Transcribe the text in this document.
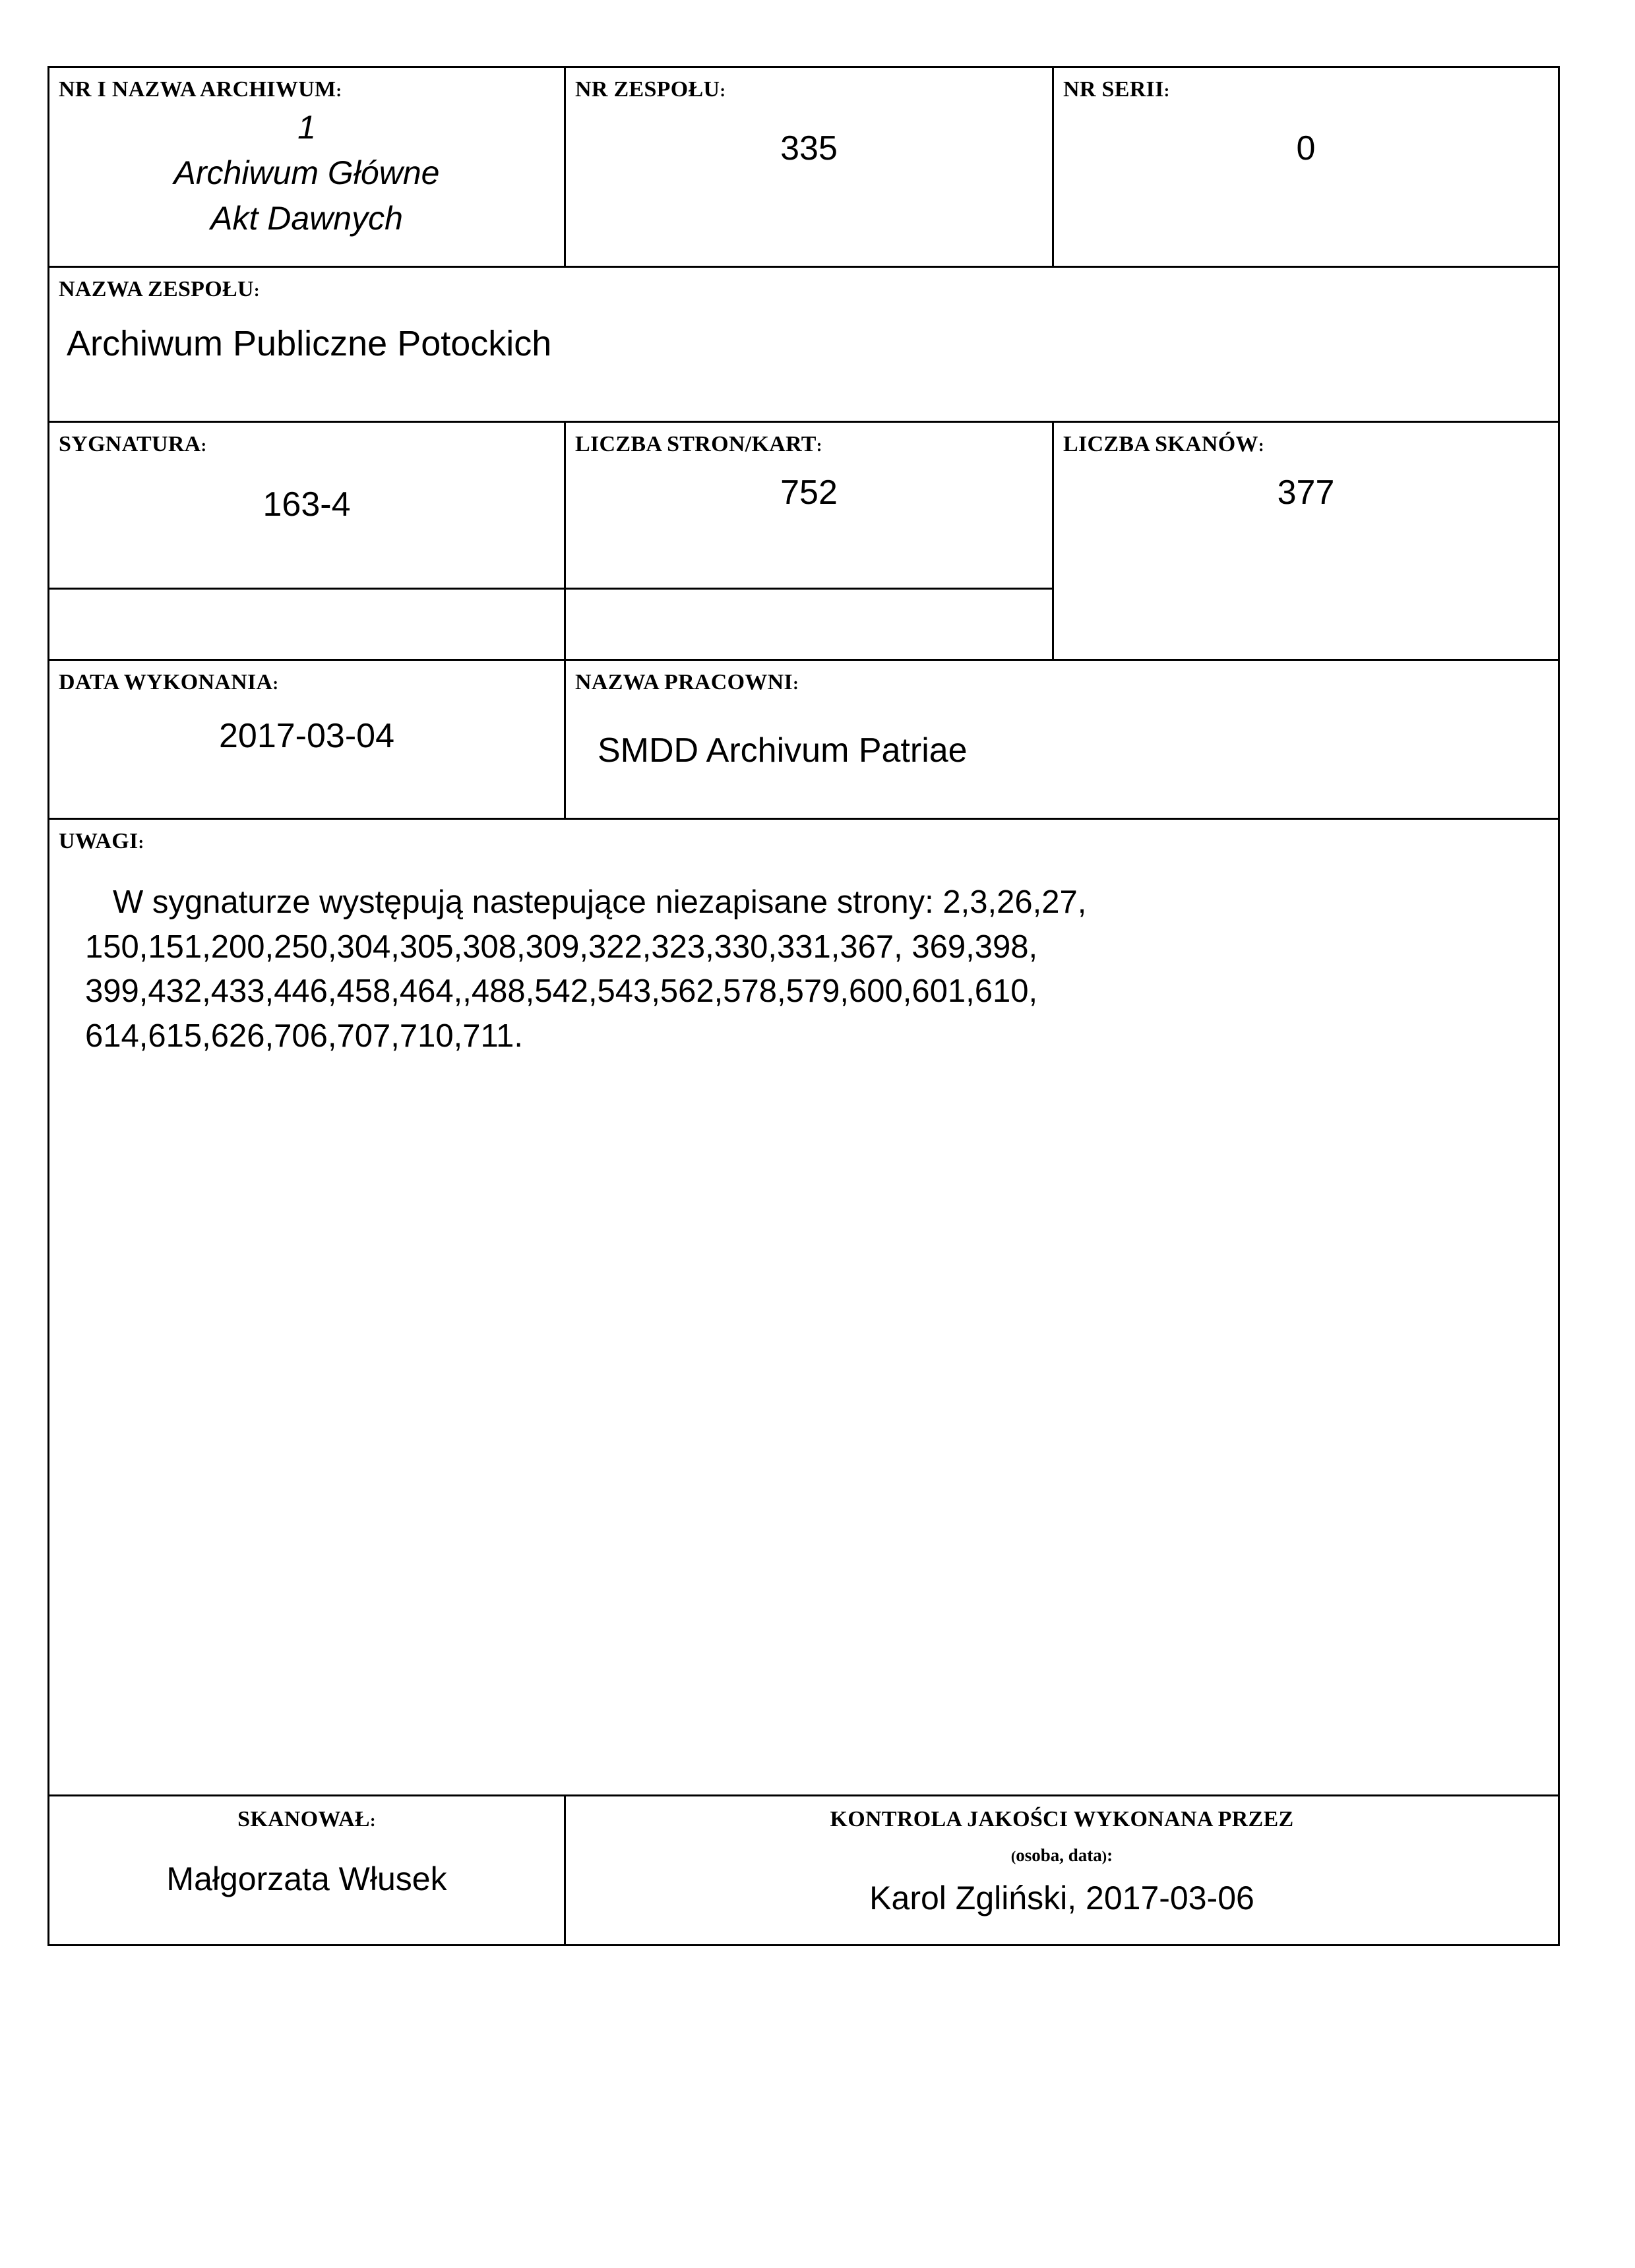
NR I NAZWA ARCHIWUM:
1
Archiwum Główne
Akt Dawnych

NR ZESPOŁU:
335

NR SERII:
0

NAZWA ZESPOŁU:
Archiwum Publiczne Potockich		

SYGNATURA:
163-4

LICZBA STRON/KART:
752

LICZBA SKANÓW:
377

DATA WYKONANIA:
2017-03-04

NAZWA PRACOWNI:
SMDD Archivum Patriae

UWAGI:
W sygnaturze występują nastepujące niezapisane strony: 2,3,26,27,
150,151,200,250,304,305,308,309,322,323,330,331,367, 369,398,
399,432,433,446,458,464,,488,542,543,562,578,579,600,601,610,
614,615,626,706,707,710,711.		

SKANOWAŁ:
Małgorzata Włusek

KONTROLA JAKOŚCI WYKONANA PRZEZ
(osoba, data):
Karol Zgliński, 2017-03-06
